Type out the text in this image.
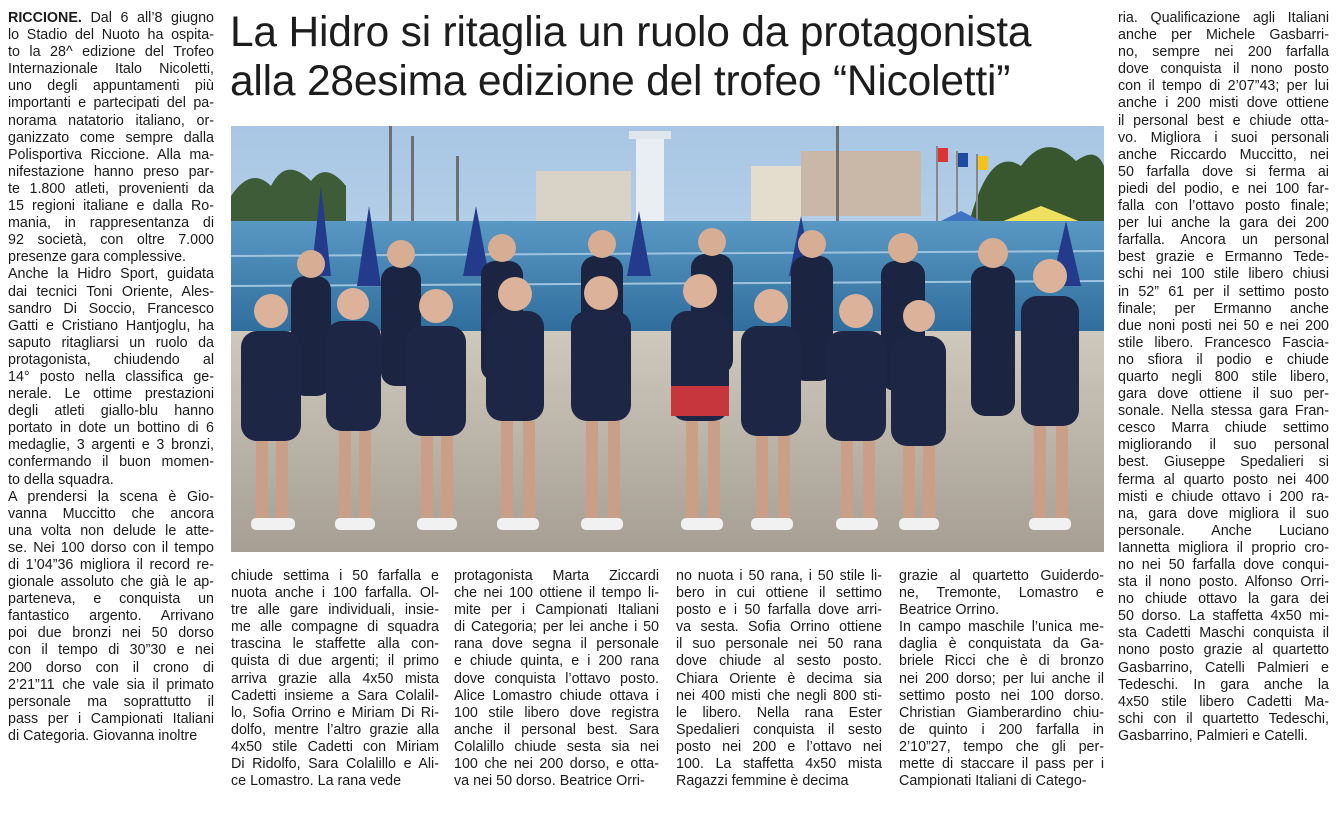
RICCIONE. Dal 6 all’8 giugno
lo Stadio del Nuoto ha ospita-
to la 28^ edizione del Trofeo
Internazionale Italo Nicoletti,
uno degli appuntamenti più
importanti e partecipati del pa-
norama natatorio italiano, or-
ganizzato come sempre dalla
Polisportiva Riccione. Alla ma-
nifestazione hanno preso par-
te 1.800 atleti, provenienti da
15 regioni italiane e dalla Ro-
mania, in rappresentanza di
92 società, con oltre 7.000
presenze gara complessive.
Anche la Hidro Sport, guidata
dai tecnici Toni Oriente, Ales-
sandro Di Soccio, Francesco
Gatti e Cristiano Hantjoglu, ha
saputo ritagliarsi un ruolo da
protagonista, chiudendo al
14° posto nella classifica ge-
nerale. Le ottime prestazioni
degli atleti giallo-blu hanno
portato in dote un bottino di 6
medaglie, 3 argenti e 3 bronzi,
confermando il buon momen-
to della squadra.
A prendersi la scena è Gio-
vanna Muccitto che ancora
una volta non delude le atte-
se. Nei 100 dorso con il tempo
di 1’04”36 migliora il record re-
gionale assoluto che già le ap-
parteneva, e conquista un
fantastico argento. Arrivano
poi due bronzi nei 50 dorso
con il tempo di 30”30 e nei
200 dorso con il crono di
2’21”11 che vale sia il primato
personale ma soprattutto il
pass per i Campionati Italiani
di Categoria. Giovanna inoltre
La Hidro si ritaglia un ruolo da protagonista
alla 28esima edizione del trofeo “Nicoletti”
chiude settima i 50 farfalla e
nuota anche i 100 farfalla. Ol-
tre alle gare individuali, insie-
me alle compagne di squadra
trascina le staffette alla con-
quista di due argenti; il primo
arriva grazie alla 4x50 mista
Cadetti insieme a Sara Colalil-
lo, Sofia Orrino e Miriam Di Ri-
dolfo, mentre l’altro grazie alla
4x50 stile Cadetti con Miriam
Di Ridolfo, Sara Colalillo e Ali-
ce Lomastro. La rana vede
protagonista Marta Ziccardi
che nei 100 ottiene il tempo li-
mite per i Campionati Italiani
di Categoria; per lei anche i 50
rana dove segna il personale
e chiude quinta, e i 200 rana
dove conquista l’ottavo posto.
Alice Lomastro chiude ottava i
100 stile libero dove registra
anche il personal best. Sara
Colalillo chiude sesta sia nei
100 che nei 200 dorso, e otta-
va nei 50 dorso. Beatrice Orri-
no nuota i 50 rana, i 50 stile li-
bero in cui ottiene il settimo
posto e i 50 farfalla dove arri-
va sesta. Sofia Orrino ottiene
il suo personale nei 50 rana
dove chiude al sesto posto.
Chiara Oriente è decima sia
nei 400 misti che negli 800 sti-
le libero. Nella rana Ester
Spedalieri conquista il sesto
posto nei 200 e l’ottavo nei
100. La staffetta 4x50 mista
Ragazzi femmine è decima
grazie al quartetto Guiderdo-
ne, Tremonte, Lomastro e
Beatrice Orrino.
In campo maschile l’unica me-
daglia è conquistata da Ga-
briele Ricci che è di bronzo
nei 200 dorso; per lui anche il
settimo posto nei 100 dorso.
Christian Giamberardino chiu-
de quinto i 200 farfalla in
2’10”27, tempo che gli per-
mette di staccare il pass per i
Campionati Italiani di Catego-
ria. Qualificazione agli Italiani
anche per Michele Gasbarri-
no, sempre nei 200 farfalla
dove conquista il nono posto
con il tempo di 2’07”43; per lui
anche i 200 misti dove ottiene
il personal best e chiude otta-
vo. Migliora i suoi personali
anche Riccardo Muccitto, nei
50 farfalla dove si ferma ai
piedi del podio, e nei 100 far-
falla con l’ottavo posto finale;
per lui anche la gara dei 200
farfalla. Ancora un personal
best grazie e Ermanno Tede-
schi nei 100 stile libero chiusi
in 52” 61 per il settimo posto
finale; per Ermanno anche
due noni posti nei 50 e nei 200
stile libero. Francesco Fascia-
no sfiora il podio e chiude
quarto negli 800 stile libero,
gara dove ottiene il suo per-
sonale. Nella stessa gara Fran-
cesco Marra chiude settimo
migliorando il suo personal
best. Giuseppe Spedalieri si
ferma al quarto posto nei 400
misti e chiude ottavo i 200 ra-
na, gara dove migliora il suo
personale. Anche Luciano
Iannetta migliora il proprio cro-
no nei 50 farfalla dove conqui-
sta il nono posto. Alfonso Orri-
no chiude ottavo la gara dei
50 dorso. La staffetta 4x50 mi-
sta Cadetti Maschi conquista il
nono posto grazie al quartetto
Gasbarrino, Catelli Palmieri e
Tedeschi. In gara anche la
4x50 stile libero Cadetti Ma-
schi con il quartetto Tedeschi,
Gasbarrino, Palmieri e Catelli.
